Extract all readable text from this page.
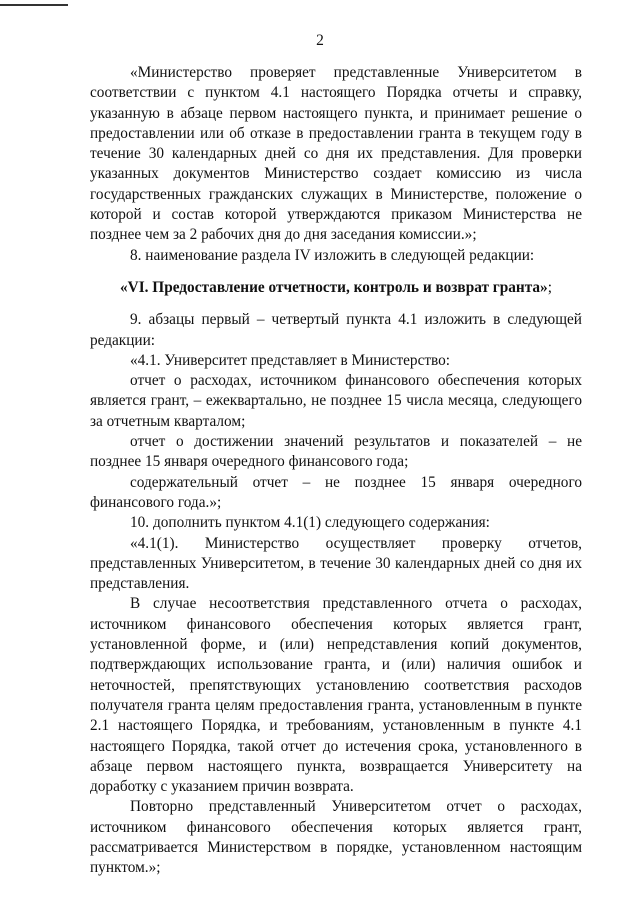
2

«Министерство проверяет представленные Университетом в соответствии с пунктом 4.1 настоящего Порядка отчеты и справку, указанную в абзаце первом настоящего пункта, и принимает решение о предоставлении или об отказе в предоставлении гранта в текущем году в течение 30 календарных дней со дня их представления. Для проверки указанных документов Министерство создает комиссию из числа государственных гражданских служащих в Министерстве, положение о которой и состав которой утверждаются приказом Министерства не позднее чем за 2 рабочих дня до дня заседания комиссии.»;

8. наименование раздела IV изложить в следующей редакции:

«VI. Предоставление отчетности, контроль и возврат гранта»;

9. абзацы первый – четвертый пункта 4.1 изложить в следующей редакции:

«4.1. Университет представляет в Министерство:

отчет о расходах, источником финансового обеспечения которых является грант, – ежеквартально, не позднее 15 числа месяца, следующего за отчетным кварталом;

отчет о достижении значений результатов и показателей – не позднее 15 января очередного финансового года;

содержательный отчет – не позднее 15 января очередного финансового года.»;

10. дополнить пунктом 4.1(1) следующего содержания:

«4.1(1). Министерство осуществляет проверку отчетов, представленных Университетом, в течение 30 календарных дней со дня их представления.

В случае несоответствия представленного отчета о расходах, источником финансового обеспечения которых является грант, установленной форме, и (или) непредставления копий документов, подтверждающих использование гранта, и (или) наличия ошибок и неточностей, препятствующих установлению соответствия расходов получателя гранта целям предоставления гранта, установленным в пункте 2.1 настоящего Порядка, и требованиям, установленным в пункте 4.1 настоящего Порядка, такой отчет до истечения срока, установленного в абзаце первом настоящего пункта, возвращается Университету на доработку с указанием причин возврата.

Повторно представленный Университетом отчет о расходах, источником финансового обеспечения которых является грант, рассматривается Министерством в порядке, установленном настоящим пунктом.»;
